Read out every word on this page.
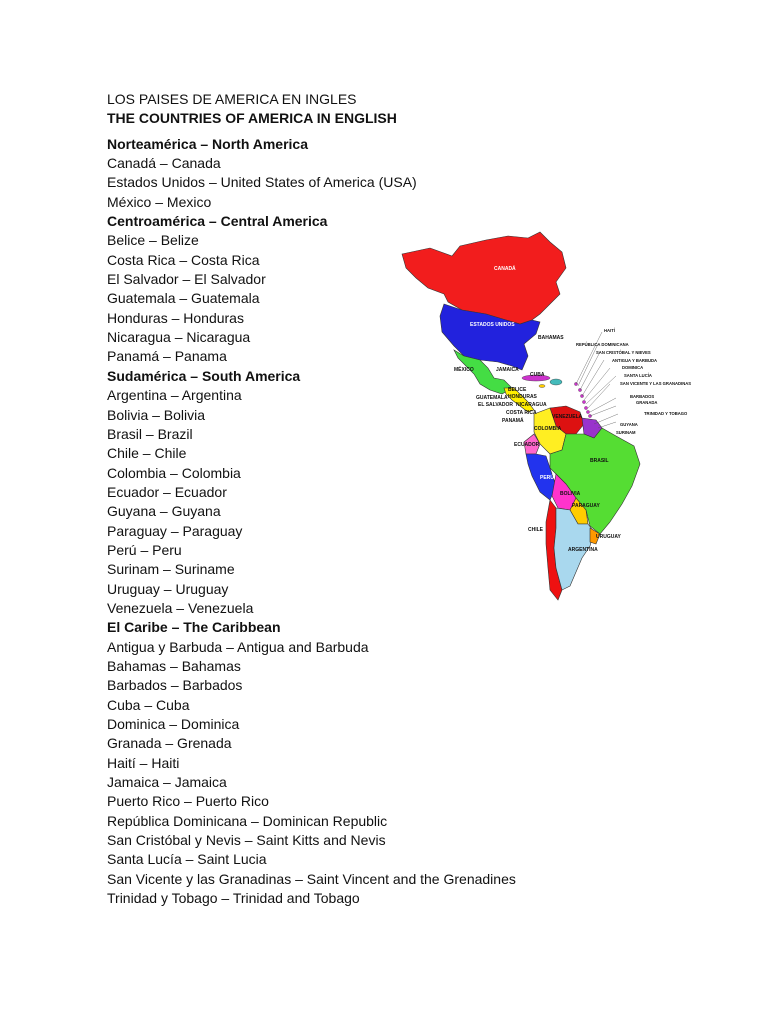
LOS PAISES DE AMERICA EN INGLES
THE COUNTRIES OF AMERICA IN ENGLISH
Norteamérica – North America
Canadá – Canada
Estados Unidos – United States of America (USA)
México – Mexico
Centroamérica – Central America
Belice – Belize
Costa Rica – Costa Rica
El Salvador – El Salvador
Guatemala – Guatemala
Honduras – Honduras
Nicaragua – Nicaragua
Panamá – Panama
Sudamérica – South America
Argentina – Argentina
Bolivia – Bolivia
Brasil – Brazil
Chile – Chile
Colombia – Colombia
Ecuador – Ecuador
Guyana – Guyana
Paraguay – Paraguay
Perú – Peru
Surinam – Suriname
Uruguay – Uruguay
Venezuela – Venezuela
El Caribe – The Caribbean
Antigua y Barbuda – Antigua and Barbuda
Bahamas – Bahamas
Barbados – Barbados
Cuba – Cuba
Dominica – Dominica
Granada – Grenada
Haití – Haiti
Jamaica – Jamaica
Puerto Rico – Puerto Rico
República Dominicana – Dominican Republic
San Cristóbal y Nevis – Saint Kitts and Nevis
Santa Lucía – Saint Lucia
San Vicente y las Granadinas – Saint Vincent and the Grenadines
Trinidad y Tobago – Trinidad and Tobago
CANADÁ
ESTADOS UNIDOS
MÉXICO
BAHAMAS
JAMAICA
CUBA
BELICE
GUATEMALA HONDURAS
EL SALVADOR NICARAGUA
COSTA RICA
PANAMÁ
VENEZUELA
COLOMBIA
ECUADOR
PERÚ
BRASIL
BOLIVIA
PARAGUAY
CHILE
ARGENTINA
URUGUAY
HAITÍ
REPÚBLICA DOMINICANA
SAN CRISTÓBAL Y NIEVES
ANTIGUA Y BARBUDA
DOMINICA
SANTA LUCÍA
SAN VICENTE Y LAS GRANADINAS
BARBADOS
GRANADA
TRINIDAD Y TOBAGO
GUYANA
SURINAM
